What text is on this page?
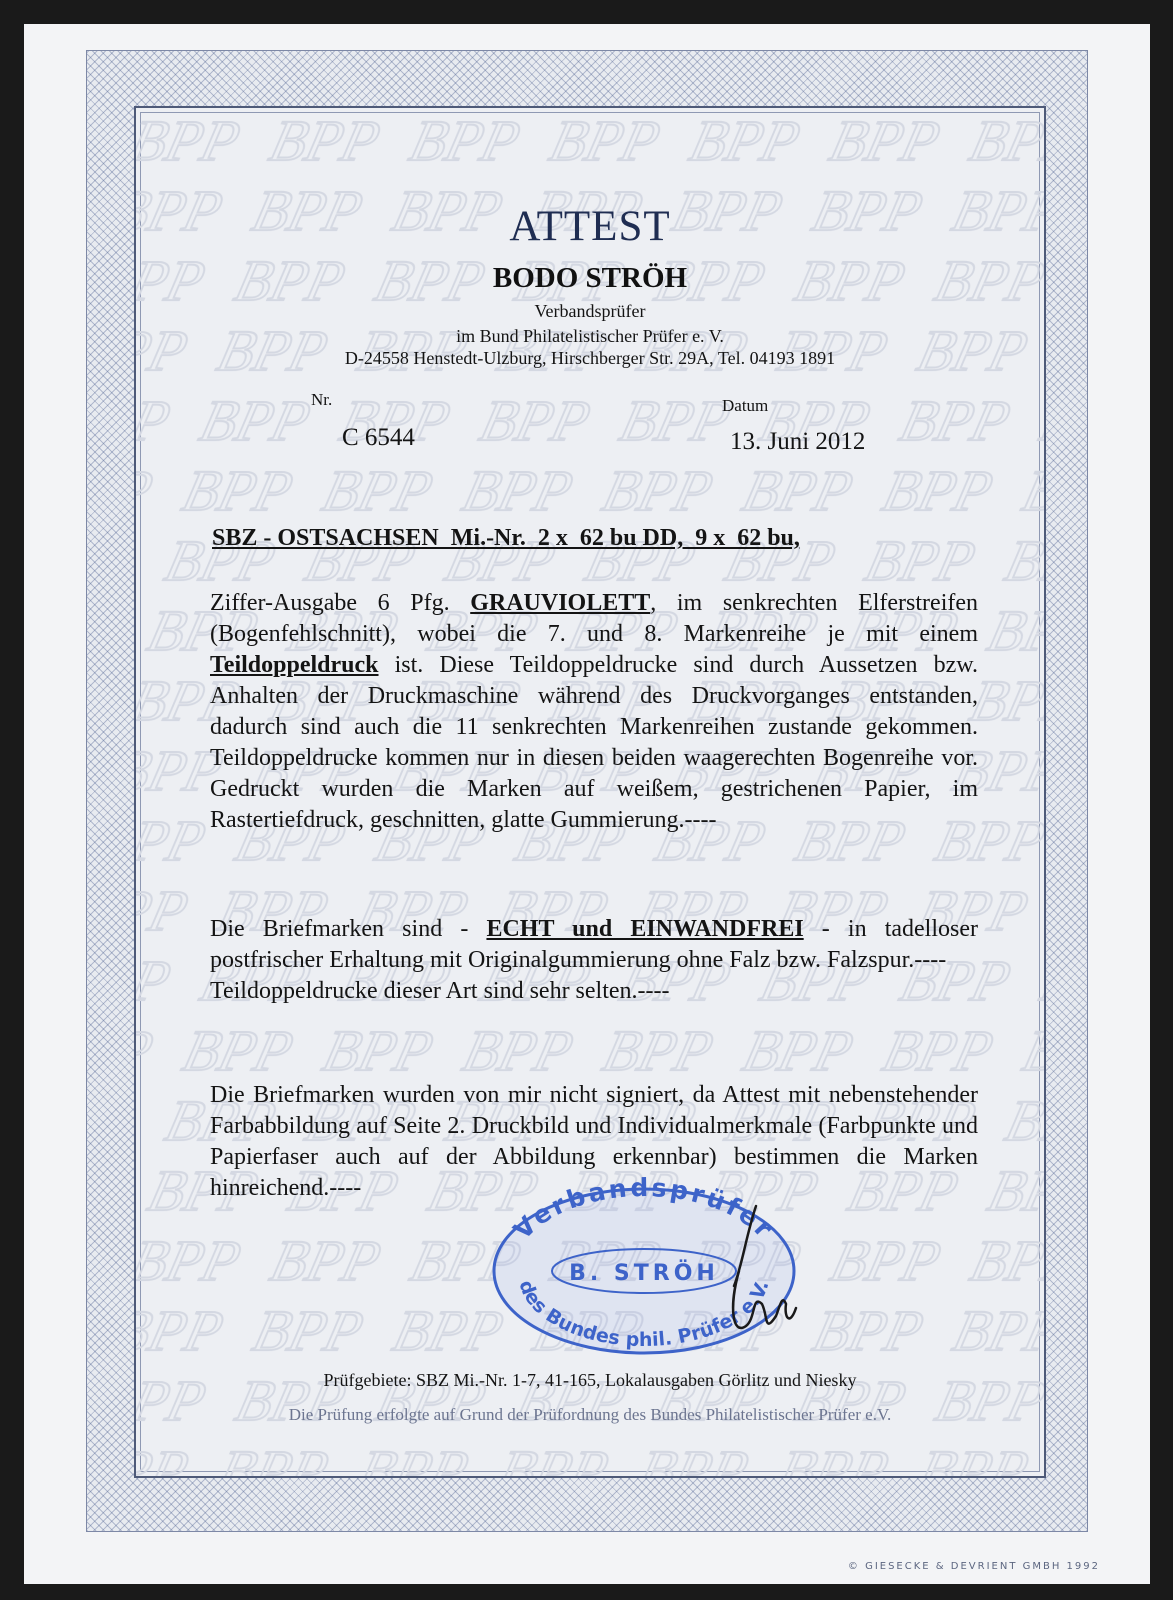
ATTEST
BODO STRÖH
Verbandsprüfer
im Bund Philatelistischer Prüfer e. V.
D-24558 Henstedt-Ulzburg, Hirschberger Str. 29A, Tel. 04193 1891
Nr.
C 6544
Datum
13. Juni 2012
SBZ - OSTSACHSEN  Mi.-Nr.  2 x  62 bu DD,  9 x  62 bu,
Ziffer-Ausgabe 6 Pfg. GRAUVIOLETT, im senkrechten Elferstreifen (Bogenfehlschnitt), wobei die 7. und 8. Markenreihe je mit einem Teildoppeldruck ist. Diese Teildoppeldrucke sind durch Aussetzen bzw. Anhalten der Druckmaschine während des Druckvorganges entstanden, dadurch sind auch die 11 senkrechten Markenreihen zustande gekommen. Teildoppeldrucke kommen nur in diesen beiden waagerechten Bogenreihe vor. Gedruckt wurden die Marken auf weißem, gestrichenen Papier, im Rastertiefdruck, geschnitten, glatte Gummierung.----
Die Briefmarken sind - ECHT und EINWANDFREI - in tadelloser postfrischer Erhaltung mit Originalgummierung ohne Falz bzw. Falzspur.----
Teildoppeldrucke dieser Art sind sehr selten.----
Die Briefmarken wurden von mir nicht signiert, da Attest mit nebenstehender Farbabbildung auf Seite 2. Druckbild und Individualmerkmale (Farbpunkte und Papierfaser auch auf der Abbildung erkennbar) bestimmen die Marken hinreichend.----
Verbandsprüfer
B. STRÖH
des Bundes phil. Prüfer e.V.
Prüfgebiete: SBZ Mi.-Nr. 1-7, 41-165, Lokalausgaben Görlitz und Niesky
Die Prüfung erfolgte auf Grund der Prüfordnung des Bundes Philatelistischer Prüfer e.V.
© GIESECKE & DEVRIENT GMBH 1992
